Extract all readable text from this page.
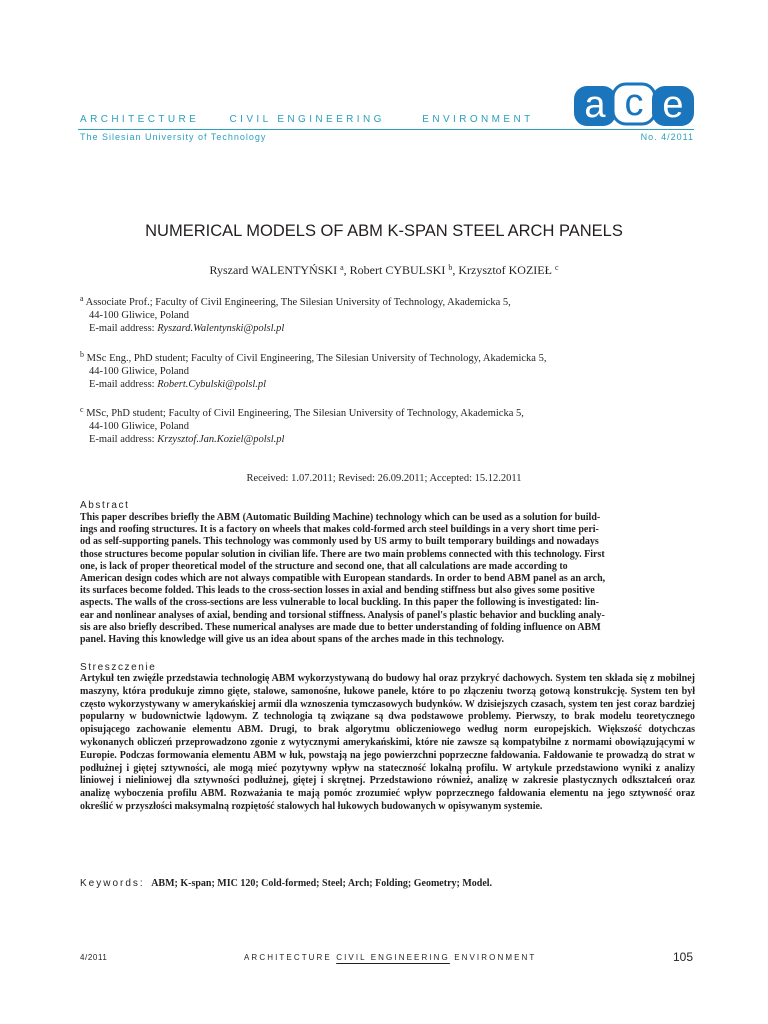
ARCHITECTURE	CIVIL ENGINEERING	ENVIRONMENT
The Silesian University of Technology	No. 4/2011
a c e
NUMERICAL MODELS OF ABM K-SPAN STEEL ARCH PANELS
Ryszard WALENTYŃSKI $^a$, Robert CYBULSKI $^b$, Krzysztof KOZIEŁ $^c$
$^a$ Associate Prof.; Faculty of Civil Engineering, The Silesian University of Technology, Akademicka 5,
44-100 Gliwice, Poland
E-mail address: Ryszard.Walentynski@polsl.pl
$^b$ MSc Eng., PhD student; Faculty of Civil Engineering, The Silesian University of Technology, Akademicka 5,
44-100 Gliwice, Poland
E-mail address: Robert.Cybulski@polsl.pl
$^c$ MSc, PhD student; Faculty of Civil Engineering, The Silesian University of Technology, Akademicka 5,
44-100 Gliwice, Poland
E-mail address: Krzysztof.Jan.Koziel@polsl.pl
Received: 1.07.2011; Revised: 26.09.2011; Accepted: 15.12.2011
Abstract
This paper describes briefly the ABM (Automatic Building Machine) technology which can be used as a solution for build-
ings and roofing structures. It is a factory on wheels that makes cold-formed arch steel buildings in a very short time peri-
od as self-supporting panels. This technology was commonly used by US army to built temporary buildings and nowadays
those structures become popular solution in civilian life. There are two main problems connected with this technology. First
one, is lack of proper theoretical model of the structure and second one, that all calculations are made according to
American design codes which are not always compatible with European standards. In order to bend ABM panel as an arch,
its surfaces become folded. This leads to the cross-section losses in axial and bending stiffness but also gives some positive
aspects. The walls of the cross-sections are less vulnerable to local buckling. In this paper the following is investigated: lin-
ear and nonlinear analyses of axial, bending and torsional stiffness. Analysis of panel's plastic behavior and buckling analy-
sis are also briefly described. These numerical analyses are made due to better understanding of folding influence on ABM
panel. Having this knowledge will give us an idea about spans of the arches made in this technology.
Streszczenie
Artykuł ten zwięźle przedstawia technologię ABM wykorzystywaną do budowy hal oraz przykryć dachowych. System ten składa się z mobilnej maszyny, która produkuje zimno gięte, stalowe, samonośne, łukowe panele, które to po złączeniu tworzą gotową konstrukcję. System ten był często wykorzystywany w amerykańskiej armii dla wznoszenia tymczasowych budynków. W dzisiejszych czasach, system ten jest coraz bardziej popularny w budownictwie lądowym. Z technologia tą związane są dwa podstawowe problemy. Pierwszy, to brak modelu teoretycznego opisującego zachowanie elementu ABM. Drugi, to brak algorytmu obliczeniowego według norm europejskich. Większość dotychczas wykonanych obliczeń przeprowadzono zgonie z wytycznymi amerykańskimi, które nie zawsze są kompatybilne z normami obowiązującymi w Europie. Podczas formowania elementu ABM w łuk, powstają na jego powierzchni poprzeczne fałdowania. Fałdowanie te prowadzą do strat w podłużnej i giętej sztywności, ale mogą mieć pozytywny wpływ na stateczność lokalną profilu. W artykule przedstawiono wyniki z analizy liniowej i nieliniowej dla sztywności podłużnej, giętej i skrętnej. Przedstawiono również, analizę w zakresie plastycznych odkształceń oraz analizę wyboczenia profilu ABM. Rozważania te mają pomóc zrozumieć wpływ poprzecznego fałdowania elementu na jego sztywność oraz określić w przyszłości maksymalną rozpiętość stalowych hal łukowych budowanych w opisywanym systemie.
Keywords: ABM; K-span; MIC 120; Cold-formed; Steel; Arch; Folding; Geometry; Model.
4/2011	ARCHITECTURE CIVIL ENGINEERING ENVIRONMENT	105
